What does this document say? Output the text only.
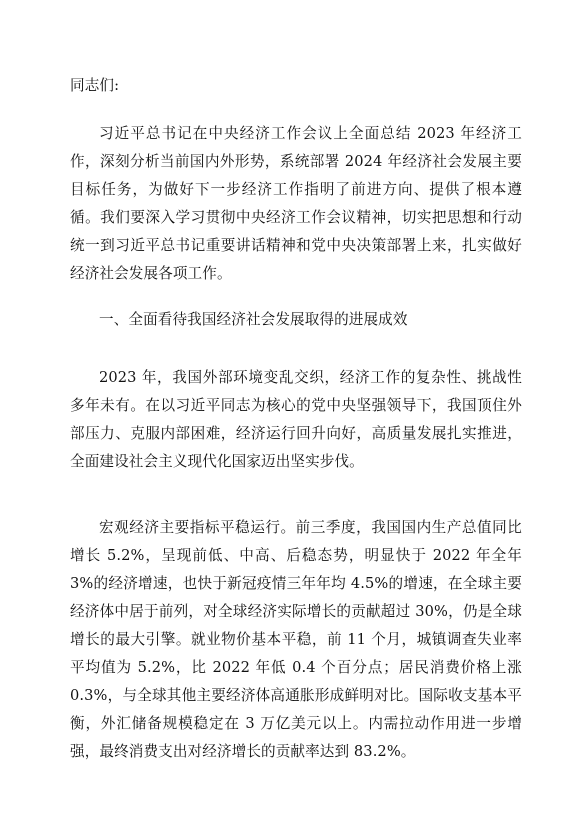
同志们:

习近平总书记在中央经济工作会议上全面总结 2023 年经济工作，深刻分析当前国内外形势，系统部署 2024 年经济社会发展主要目标任务，为做好下一步经济工作指明了前进方向、提供了根本遵循。我们要深入学习贯彻中央经济工作会议精神，切实把思想和行动统一到习近平总书记重要讲话精神和党中央决策部署上来，扎实做好经济社会发展各项工作。

一、全面看待我国经济社会发展取得的进展成效

2023 年，我国外部环境变乱交织，经济工作的复杂性、挑战性多年未有。在以习近平同志为核心的党中央坚强领导下，我国顶住外部压力、克服内部困难，经济运行回升向好，高质量发展扎实推进，全面建设社会主义现代化国家迈出坚实步伐。

宏观经济主要指标平稳运行。前三季度，我国国内生产总值同比增长 5.2%，呈现前低、中高、后稳态势，明显快于 2022 年全年 3%的经济增速，也快于新冠疫情三年年均 4.5%的增速，在全球主要经济体中居于前列，对全球经济实际增长的贡献超过 30%，仍是全球增长的最大引擎。就业物价基本平稳，前 11 个月，城镇调查失业率平均值为 5.2%，比 2022 年低 0.4 个百分点；居民消费价格上涨 0.3%，与全球其他主要经济体高通胀形成鲜明对比。国际收支基本平衡，外汇储备规模稳定在 3 万亿美元以上。内需拉动作用进一步增强，最终消费支出对经济增长的贡献率达到 83.2%。
